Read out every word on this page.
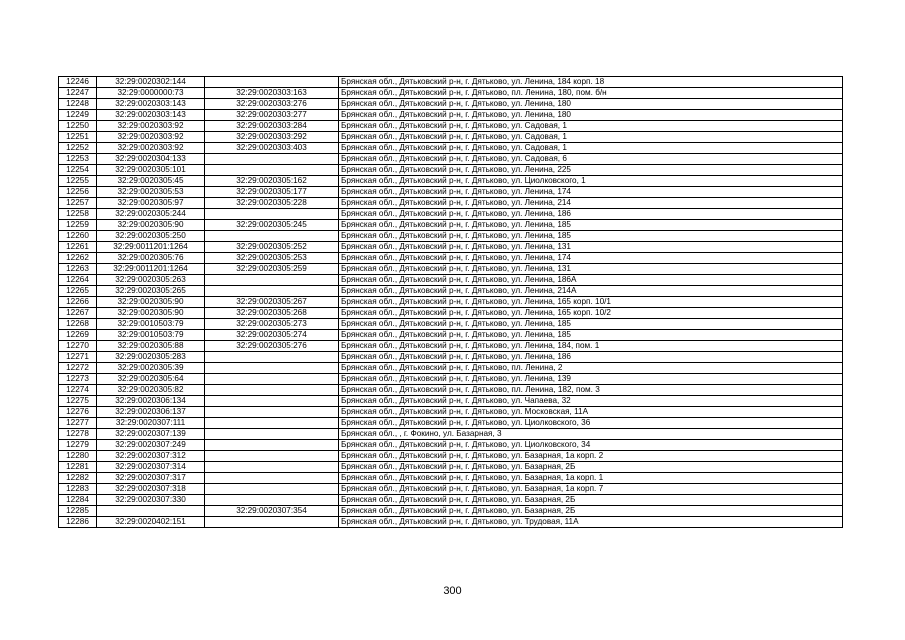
12246	32:29:0020302:144		Брянская обл., Дятьковский р-н, г. Дятьково, ул. Ленина, 184 корп. 18
12247	32:29:0000000:73	32:29:0020303:163	Брянская обл., Дятьковский р-н, г. Дятьково, пл. Ленина, 180, пом. б/н
12248	32:29:0020303:143	32:29:0020303:276	Брянская обл., Дятьковский р-н, г. Дятьково, ул. Ленина, 180
12249	32:29:0020303:143	32:29:0020303:277	Брянская обл., Дятьковский р-н, г. Дятьково, ул. Ленина, 180
12250	32:29:0020303:92	32:29:0020303:284	Брянская обл., Дятьковский р-н, г. Дятьково, ул. Садовая, 1
12251	32:29:0020303:92	32:29:0020303:292	Брянская обл., Дятьковский р-н, г. Дятьково, ул. Садовая, 1
12252	32:29:0020303:92	32:29:0020303:403	Брянская обл., Дятьковский р-н, г. Дятьково, ул. Садовая, 1
12253	32:29:0020304:133		Брянская обл., Дятьковский р-н, г. Дятьково, ул. Садовая, 6
12254	32:29:0020305:101		Брянская обл., Дятьковский р-н, г. Дятьково, ул. Ленина, 225
12255	32:29:0020305:45	32:29:0020305:162	Брянская обл., Дятьковский р-н, г. Дятьково, ул. Циолковского, 1
12256	32:29:0020305:53	32:29:0020305:177	Брянская обл., Дятьковский р-н, г. Дятьково, ул. Ленина, 174
12257	32:29:0020305:97	32:29:0020305:228	Брянская обл., Дятьковский р-н, г. Дятьково, ул. Ленина, 214
12258	32:29:0020305:244		Брянская обл., Дятьковский р-н, г. Дятьково, ул. Ленина, 186
12259	32:29:0020305:90	32:29:0020305:245	Брянская обл., Дятьковский р-н, г. Дятьково, ул. Ленина, 185
12260	32:29:0020305:250		Брянская обл., Дятьковский р-н, г. Дятьково, ул. Ленина, 185
12261	32:29:0011201:1264	32:29:0020305:252	Брянская обл., Дятьковский р-н, г. Дятьково, ул. Ленина, 131
12262	32:29:0020305:76	32:29:0020305:253	Брянская обл., Дятьковский р-н, г. Дятьково, ул. Ленина, 174
12263	32:29:0011201:1264	32:29:0020305:259	Брянская обл., Дятьковский р-н, г. Дятьково, ул. Ленина, 131
12264	32:29:0020305:263		Брянская обл., Дятьковский р-н, г. Дятьково, ул. Ленина, 186А
12265	32:29:0020305:265		Брянская обл., Дятьковский р-н, г. Дятьково, ул. Ленина, 214А
12266	32:29:0020305:90	32:29:0020305:267	Брянская обл., Дятьковский р-н, г. Дятьково, ул. Ленина, 165 корп. 10/1
12267	32:29:0020305:90	32:29:0020305:268	Брянская обл., Дятьковский р-н, г. Дятьково, ул. Ленина, 165 корп. 10/2
12268	32:29:0010503:79	32:29:0020305:273	Брянская обл., Дятьковский р-н, г. Дятьково, ул. Ленина, 185
12269	32:29:0010503:79	32:29:0020305:274	Брянская обл., Дятьковский р-н, г. Дятьково, ул. Ленина, 185
12270	32:29:0020305:88	32:29:0020305:276	Брянская обл., Дятьковский р-н, г. Дятьково, ул. Ленина, 184, пом. 1
12271	32:29:0020305:283		Брянская обл., Дятьковский р-н, г. Дятьково, ул. Ленина, 186
12272	32:29:0020305:39		Брянская обл., Дятьковский р-н, г. Дятьково, пл. Ленина, 2
12273	32:29:0020305:64		Брянская обл., Дятьковский р-н, г. Дятьково, ул. Ленина, 139
12274	32:29:0020305:82		Брянская обл., Дятьковский р-н, г. Дятьково, пл. Ленина, 182, пом. 3
12275	32:29:0020306:134		Брянская обл., Дятьковский р-н, г. Дятьково, ул. Чапаева, 32
12276	32:29:0020306:137		Брянская обл., Дятьковский р-н, г. Дятьково, ул. Московская, 11А
12277	32:29:0020307:111		Брянская обл., Дятьковский р-н, г. Дятьково, ул. Циолковского, 36
12278	32:29:0020307:139		Брянская обл., , г. Фокино, ул. Базарная, 3
12279	32:29:0020307:249		Брянская обл., Дятьковский р-н, г. Дятьково, ул. Циолковского, 34
12280	32:29:0020307:312		Брянская обл., Дятьковский р-н, г. Дятьково, ул. Базарная, 1а корп. 2
12281	32:29:0020307:314		Брянская обл., Дятьковский р-н, г. Дятьково, ул. Базарная, 2Б
12282	32:29:0020307:317		Брянская обл., Дятьковский р-н, г. Дятьково, ул. Базарная, 1а корп. 1
12283	32:29:0020307:318		Брянская обл., Дятьковский р-н, г. Дятьково, ул. Базарная, 1а корп. 7
12284	32:29:0020307:330		Брянская обл., Дятьковский р-н, г. Дятьково, ул. Базарная, 2Б
12285		32:29:0020307:354	Брянская обл., Дятьковский р-н, г. Дятьково, ул. Базарная, 2Б
12286	32:29:0020402:151		Брянская обл., Дятьковский р-н, г. Дятьково, ул. Трудовая, 11А
300
